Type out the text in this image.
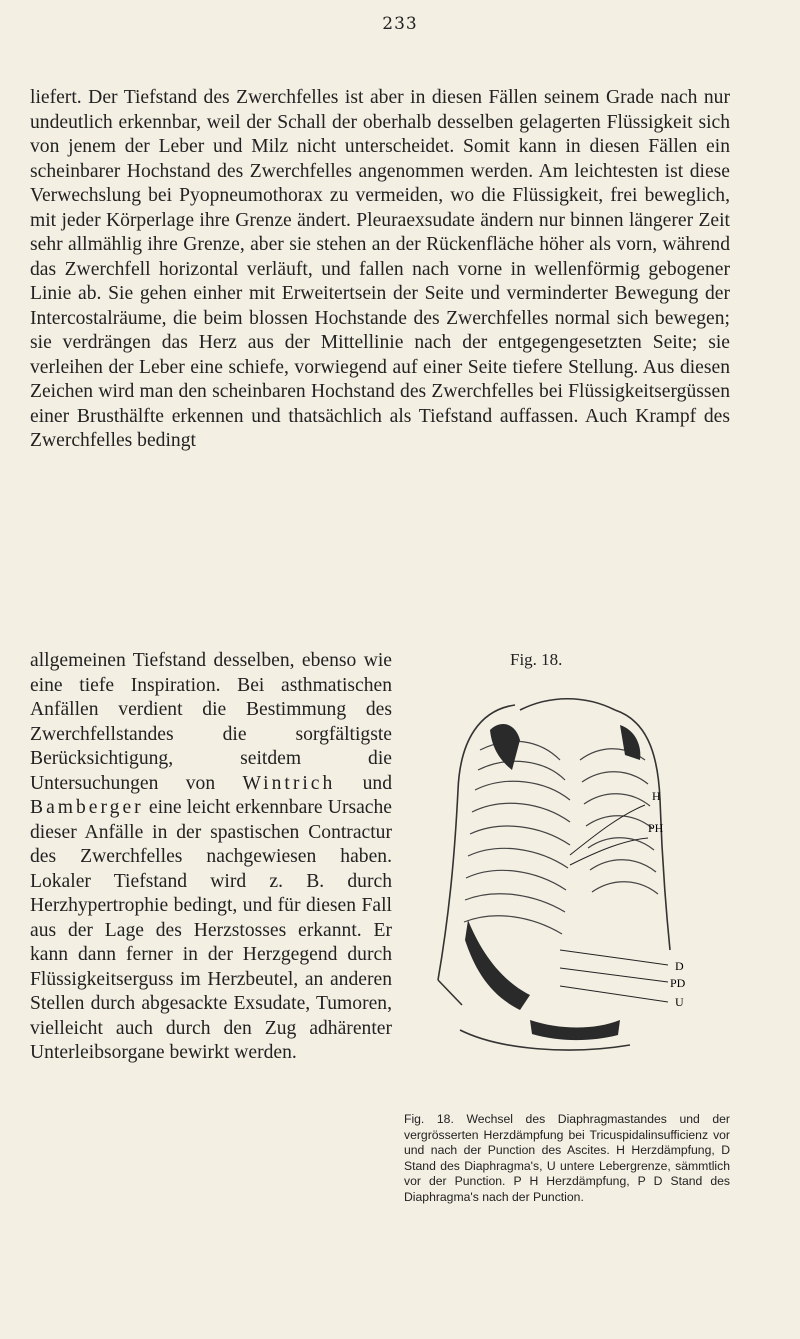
233
liefert. Der Tiefstand des Zwerchfelles ist aber in diesen Fällen seinem Grade nach nur undeutlich erkennbar, weil der Schall der oberhalb desselben gelagerten Flüssigkeit sich von jenem der Leber und Milz nicht unterscheidet. Somit kann in diesen Fällen ein scheinbarer Hochstand des Zwerchfelles angenommen werden. Am leichtesten ist diese Verwechslung bei Pyopneumothorax zu vermeiden, wo die Flüssigkeit, frei beweglich, mit jeder Körperlage ihre Grenze ändert. Pleuraexsudate ändern nur binnen längerer Zeit sehr allmählig ihre Grenze, aber sie stehen an der Rückenfläche höher als vorn, während das Zwerchfell horizontal verläuft, und fallen nach vorne in wellenförmig gebogener Linie ab. Sie gehen einher mit Erweitertsein der Seite und verminderter Bewegung der Intercostalräume, die beim blossen Hochstande des Zwerchfelles normal sich bewegen; sie verdrängen das Herz aus der Mittellinie nach der entgegengesetzten Seite; sie verleihen der Leber eine schiefe, vorwiegend auf einer Seite tiefere Stellung. Aus diesen Zeichen wird man den scheinbaren Hochstand des Zwerchfelles bei Flüssigkeitsergüssen einer Brusthälfte erkennen und thatsächlich als Tiefstand auffassen. Auch Krampf des Zwerchfelles bedingt
allgemeinen Tiefstand desselben, ebenso wie eine tiefe Inspiration. Bei asthmatischen Anfällen verdient die Bestimmung des Zwerchfellstandes die sorgfältigste Berücksichtigung, seitdem die Untersuchungen von Wintrich und Bamberger eine leicht erkennbare Ursache dieser Anfälle in der spastischen Contractur des Zwerchfelles nachgewiesen haben. Lokaler Tiefstand wird z. B. durch Herzhypertrophie bedingt, und für diesen Fall aus der Lage des Herzstosses erkannt. Er kann dann ferner in der Herzgegend durch Flüssigkeitserguss im Herzbeutel, an anderen Stellen durch abgesackte Exsudate, Tumoren, vielleicht auch durch den Zug adhärenter Unterleibsorgane bewirkt werden.
Fig. 18.
H
PH
D
PD
U
Fig. 18. Wechsel des Diaphragmastandes und der vergrösserten Herzdämpfung bei Tricuspidalinsufficienz vor und nach der Punction des Ascites. H Herzdämpfung, D Stand des Diaphragma's, U untere Lebergrenze, sämmtlich vor der Punction. P H Herzdämpfung, P D Stand des Diaphragma's nach der Punction.
